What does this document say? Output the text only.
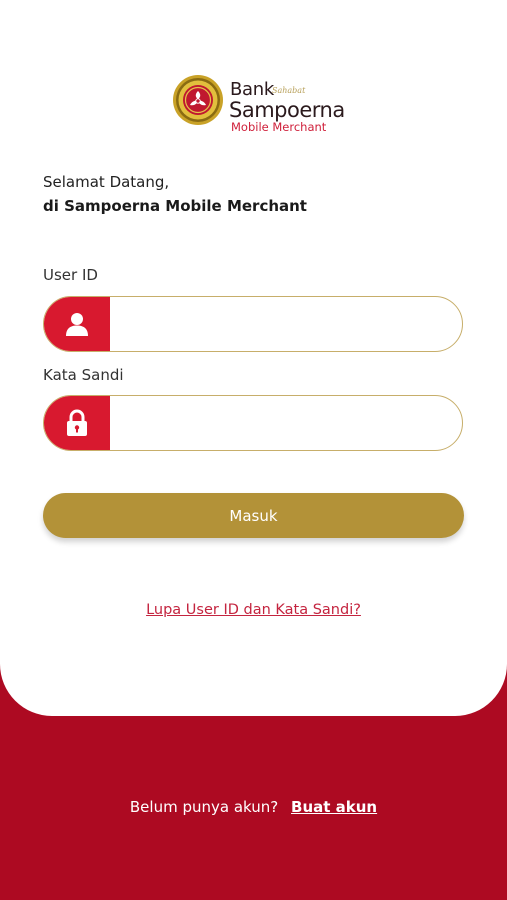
Bank
Sahabat
Sampoerna
Mobile Merchant
Selamat Datang,
di Sampoerna Mobile Merchant
User ID
Kata Sandi
Masuk
Lupa User ID dan Kata Sandi?
Belum punya akun? Buat akun
